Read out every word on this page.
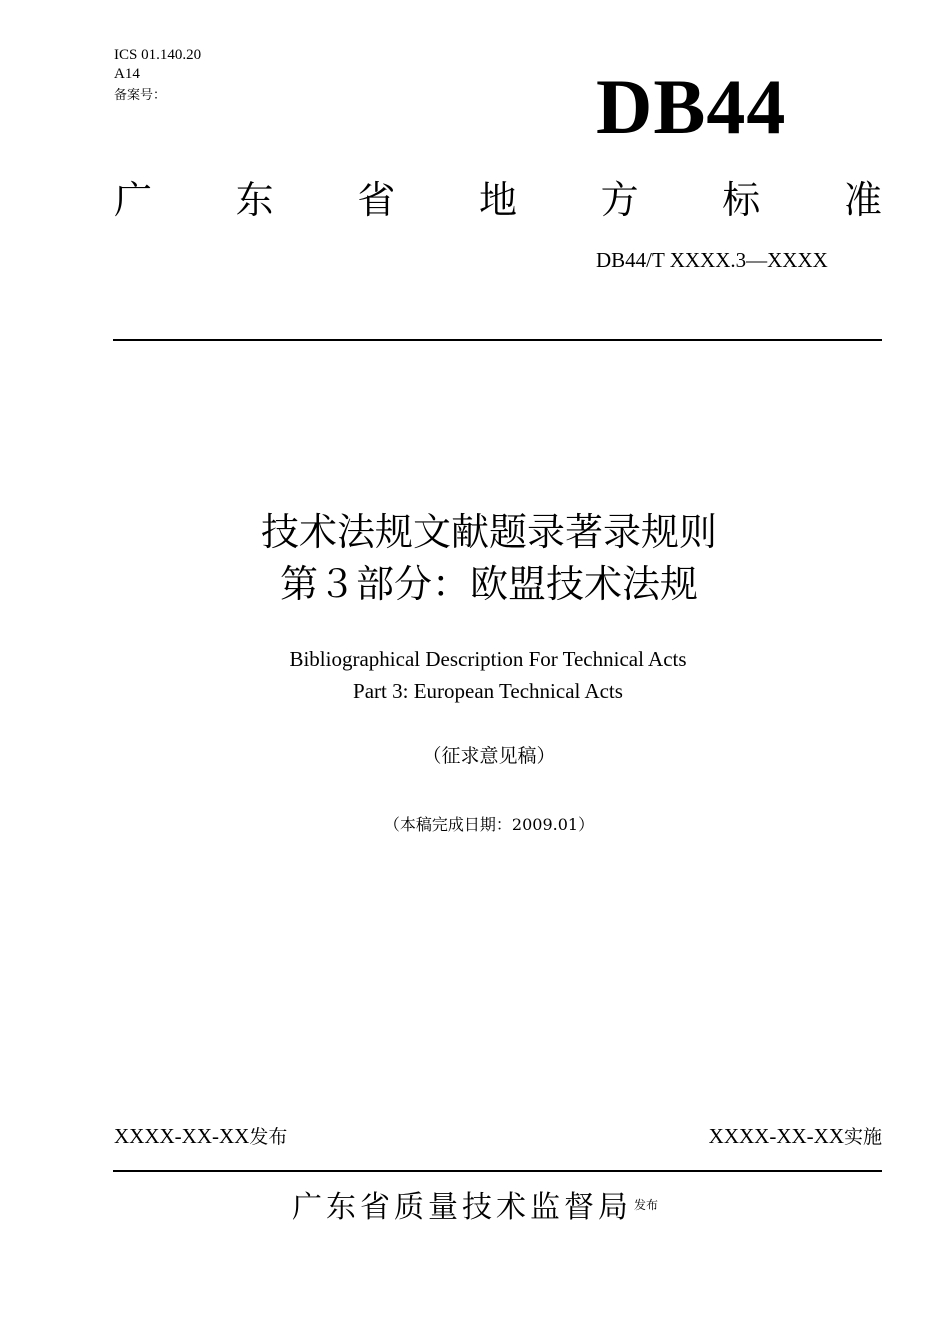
ICS 01.140.20
A14
备案号：	DB44
广 东 省 地 方 标 准
DB44/T XXXX.3—XXXX
技术法规文献题录著录规则
第３部分：欧盟技术法规
Bibliographical Description For Technical Acts
Part 3: European Technical Acts
（征求意见稿）
（本稿完成日期：2009.01）
XXXX-XX-XX发布	XXXX-XX-XX实施
广东省质量技术监督局 $^{发布}$
